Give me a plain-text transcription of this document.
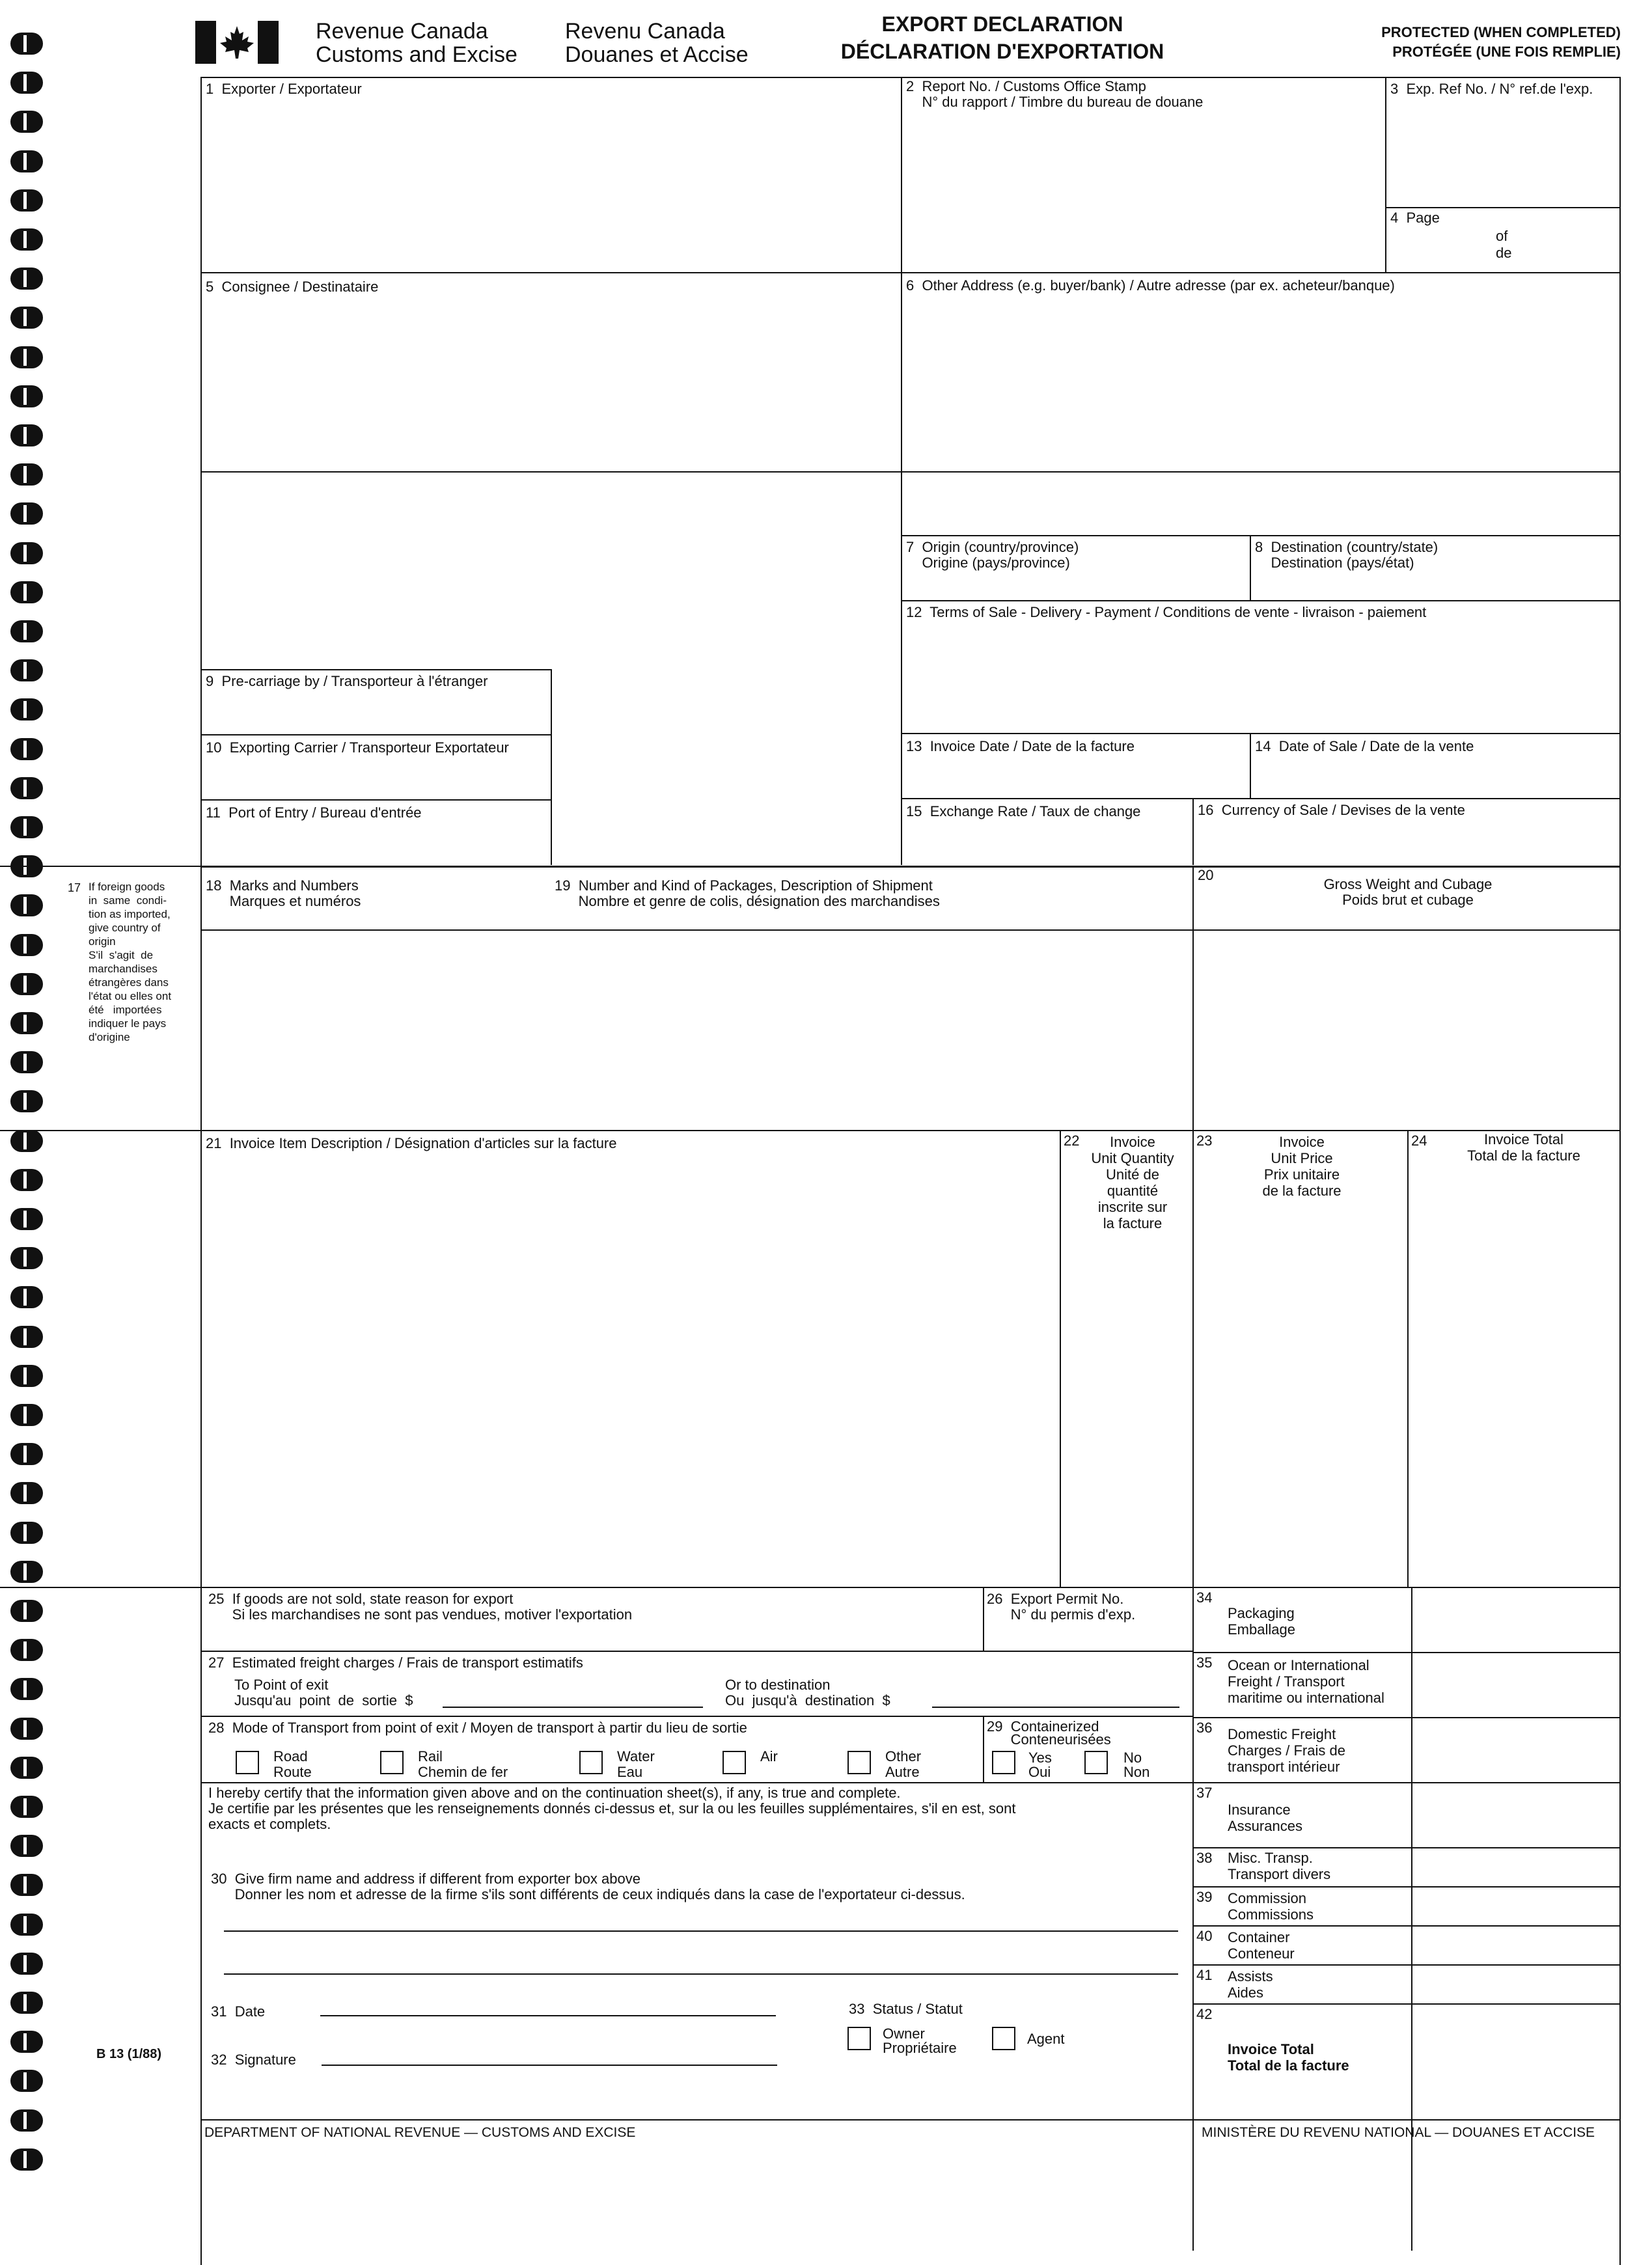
Revenue Canada
Customs and Excise
Revenu Canada
Douanes et Accise
EXPORT DECLARATION
DÉCLARATION D'EXPORTATION
PROTECTED (WHEN COMPLETED)
PROTÉGÉE (UNE FOIS REMPLIE)
1  Exporter / Exportateur	2  Report No. / Customs Office Stamp
N° du rapport / Timbre du bureau de douane
3  Exp. Ref No. / N° ref.de l'exp.
4  Page
of
de
5  Consignee / Destinataire	6  Other Address (e.g. buyer/bank) / Autre adresse (par ex. acheteur/banque)
7  Origin (country/province)
Origine (pays/province)
8  Destination (country/state)
Destination (pays/état)
12  Terms of Sale - Delivery - Payment / Conditions de vente - livraison - paiement
9  Pre-carriage by / Transporteur à l'étranger
10  Exporting Carrier / Transporteur Exportateur
11  Port of Entry / Bureau d'entrée
13  Invoice Date / Date de la facture	14  Date of Sale / Date de la vente
15  Exchange Rate / Taux de change	16  Currency of Sale / Devises de la vente
17 If foreign goods
in  same  condi-
tion as imported,
give country of
origin
S'il  s'agit  de
marchandises
étrangères dans
l'état ou elles ont
été   importées
indiquer le pays
d'origine
18  Marks and Numbers
Marques et numéros
19  Number and Kind of Packages, Description of Shipment
Nombre et genre de colis, désignation des marchandises
20
Gross Weight and Cubage
Poids brut et cubage
21  Invoice Item Description / Désignation d'articles sur la facture	22	Invoice
Unit Quantity
Unité de
quantité
inscrite sur
la facture
23	Invoice
Unit Price
Prix unitaire
de la facture
24	Invoice Total
Total de la facture
25  If goods are not sold, state reason for export
Si les marchandises ne sont pas vendues, motiver l'exportation
26  Export Permit No.
N° du permis d'exp.
27  Estimated freight charges / Frais de transport estimatifs
To Point of exit
Jusqu'au  point  de  sortie  $
Or to destination
Ou  jusqu'à  destination  $
28  Mode of Transport from point of exit / Moyen de transport à partir du lieu de sortie
Road
Route
Rail
Chemin de fer
Water
Eau
Air	Other
Autre
29  Containerized
Conteneurisées
Yes
Oui
No
Non
I hereby certify that the information given above and on the continuation sheet(s), if any, is true and complete.
Je certifie par les présentes que les renseignements donnés ci-dessus et, sur la ou les feuilles supplémentaires, s'il en est, sont
exacts et complets.
30  Give firm name and address if different from exporter box above
Donner les nom et adresse de la firme s'ils sont différents de ceux indiqués dans la case de l'exportateur ci-dessus.
31  Date
32  Signature
33  Status / Statut
Owner
Propriétaire
Agent
34
Packaging
Emballage
35 Ocean or International
Freight / Transport
maritime ou international
36 Domestic Freight
Charges / Frais de
transport intérieur
37
Insurance
Assurances
38 Misc. Transp.
Transport divers
39 Commission
Commissions
40 Container
Conteneur
41 Assists
Aides
42
Invoice Total
Total de la facture
B 13 (1/88)
DEPARTMENT OF NATIONAL REVENUE — CUSTOMS AND EXCISE	MINISTÈRE DU REVENU NATIONAL — DOUANES ET ACCISE
